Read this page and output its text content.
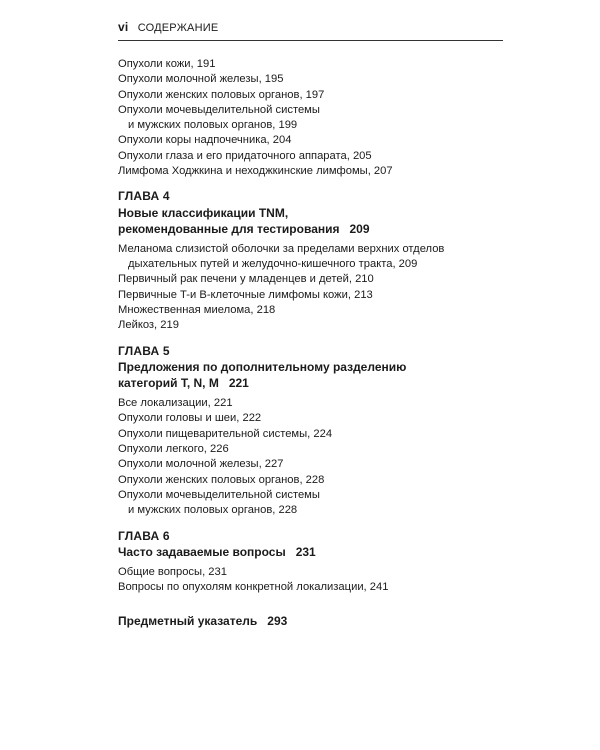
vi СОДЕРЖАНИЕ

Опухоли кожи, 191

Опухоли молочной железы, 195

Опухоли женских половых органов, 197

Опухоли мочевыделительной системы
и мужских половых органов, 199

Опухоли коры надпочечника, 204

Опухоли глаза и его придаточного аппарата, 205

Лимфома Ходжкина и неходжкинские лимфомы, 207

ГЛАВА 4
Новые классификации TNM,
рекомендованные для тестирования 209

Меланома слизистой оболочки за пределами верхних отделов
дыхательных путей и желудочно-кишечного тракта, 209

Первичный рак печени у младенцев и детей, 210

Первичные T-и B-клеточные лимфомы кожи, 213

Множественная миелома, 218

Лейкоз, 219

ГЛАВА 5
Предложения по дополнительному разделению
категорий T, N, M 221

Все локализации, 221

Опухоли головы и шеи, 222

Опухоли пищеварительной системы, 224

Опухоли легкого, 226

Опухоли молочной железы, 227

Опухоли женских половых органов, 228

Опухоли мочевыделительной системы
и мужских половых органов, 228

ГЛАВА 6
Часто задаваемые вопросы 231

Общие вопросы, 231

Вопросы по опухолям конкретной локализации, 241

Предметный указатель 293
